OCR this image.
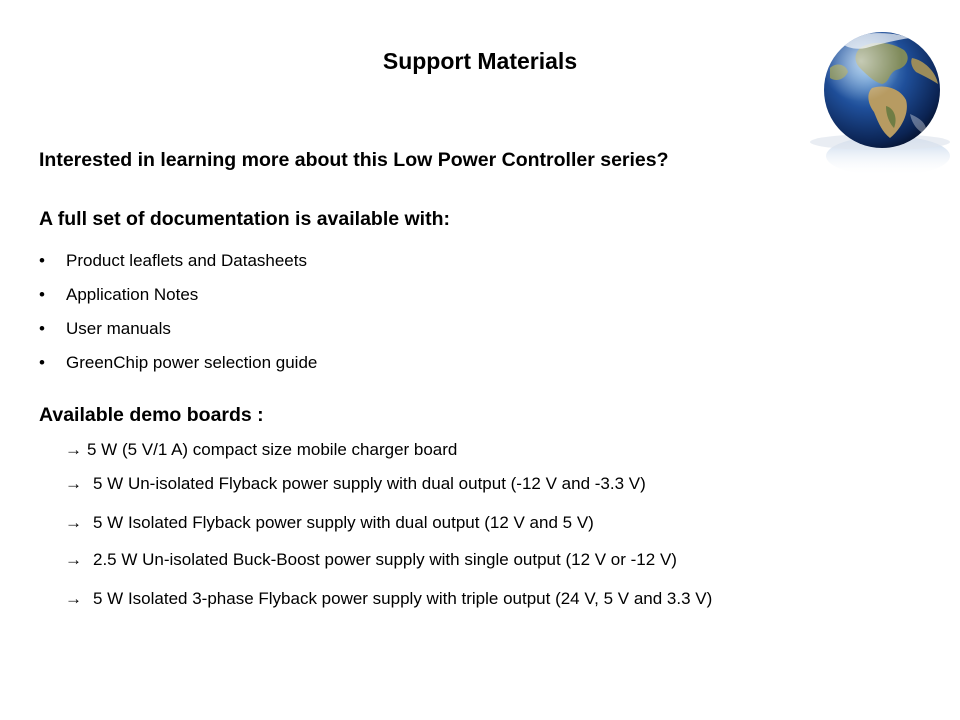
Support Materials
Interested in learning more about this Low Power Controller series?
A full set of documentation is available with:
•	Product leaflets and Datasheets
•	Application Notes
•	User manuals
•	GreenChip power selection guide
Available demo boards :
→ 5 W (5 V/1 A) compact size mobile charger board
→ 5 W Un-isolated Flyback power supply with dual output (-12 V and -3.3 V)
→ 5 W Isolated Flyback power supply with dual output (12 V and 5 V)
→ 2.5 W Un-isolated Buck-Boost power supply with single output (12 V or -12 V)
→ 5 W Isolated 3-phase Flyback power supply with triple output (24 V, 5 V and 3.3 V)
